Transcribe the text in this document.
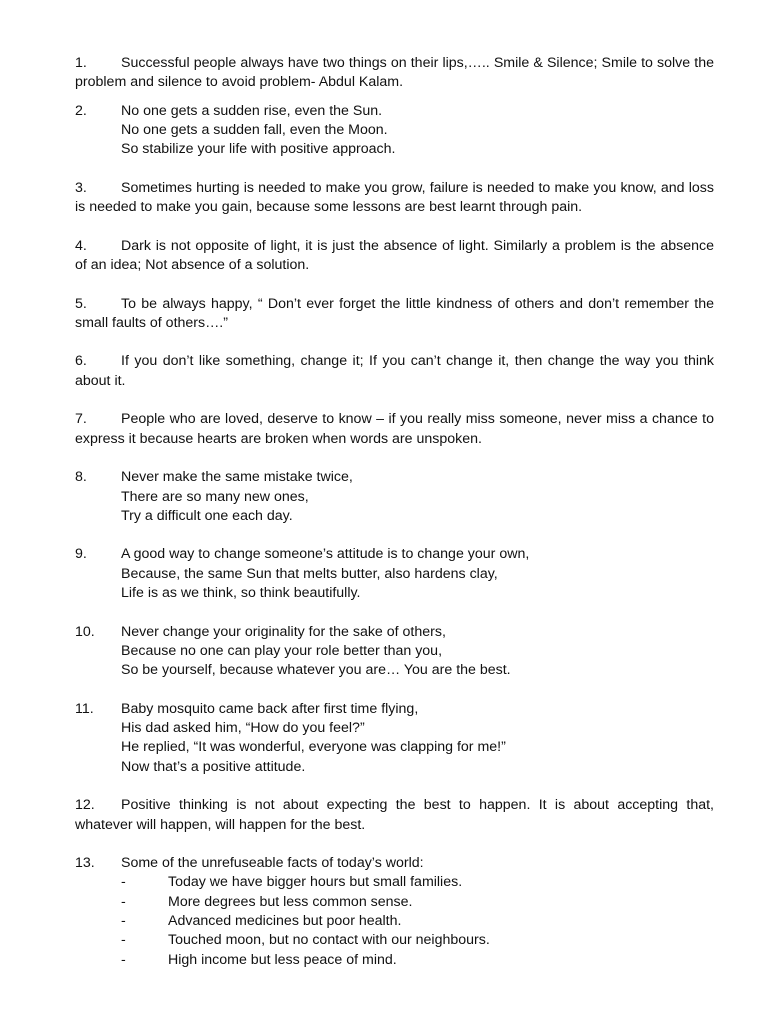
1.	Successful people always have two things on their lips,….. Smile & Silence; Smile to solve the problem and silence to avoid problem- Abdul Kalam.
2.	No one gets a sudden rise, even the Sun.
No one gets a sudden fall, even the Moon.
So stabilize your life with positive approach.
3.	Sometimes hurting is needed to make you grow, failure is needed to make you know, and loss is needed to make you gain, because some lessons are best learnt through pain.
4.	Dark is not opposite of light, it is just the absence of light. Similarly a problem is the absence of an idea; Not absence of a solution.
5.	To be always happy, “ Don’t ever forget the little kindness of others and don’t remember the small faults of others….”
6.	If you don’t like something, change it; If you can’t change it, then change the way you think about it.
7.	People who are loved, deserve to know – if you really miss someone, never miss a chance to express it because hearts are broken when words are unspoken.
8.	Never make the same mistake twice,
There are so many new ones,
Try a difficult one each day.
9.	A good way to change someone’s attitude is to change your own,
Because, the same Sun that melts butter, also hardens clay,
Life is as we think, so think beautifully.
10.	Never change your originality for the sake of others,
Because no one can play your role better than you,
So be yourself, because whatever you are… You are the best.
11.	Baby mosquito came back after first time flying,
His dad asked him, “How do you feel?”
He replied, “It was wonderful, everyone was clapping for me!”
Now that’s a positive attitude.
12.	Positive thinking is not about expecting the best to happen. It is about accepting that, whatever will happen, will happen for the best.
13.	Some of the unrefuseable facts of today’s world:
-	Today we have bigger hours but small families.
-	More degrees but less common sense.
-	Advanced medicines but poor health.
-	Touched moon, but no contact with our neighbours.
-	High income but less peace of mind.
